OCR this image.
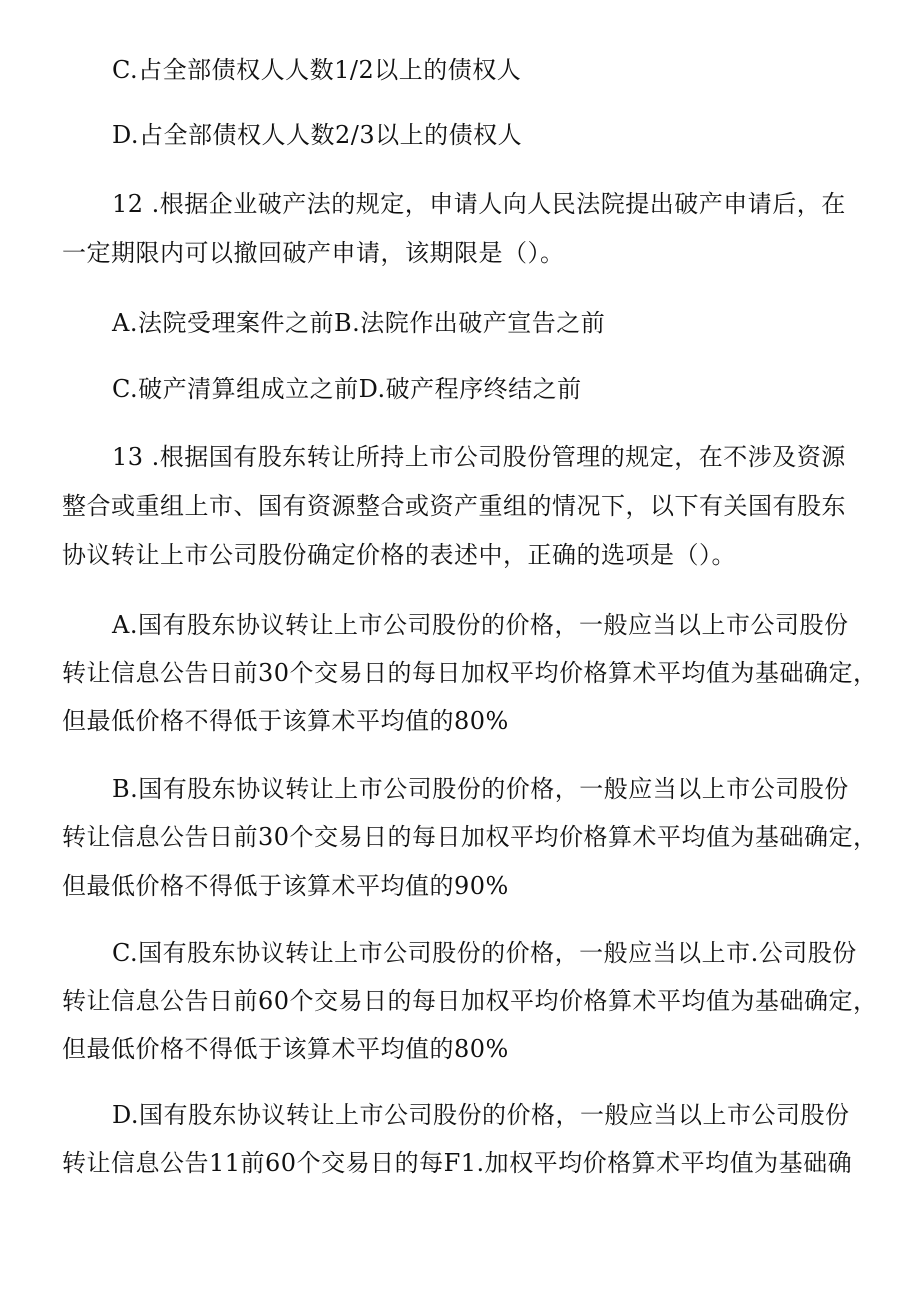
C.占全部债权人人数1/2以上的债权人
D.占全部债权人人数2/3以上的债权人
12 .根据企业破产法的规定，申请人向人民法院提出破产申请后，在
一定期限内可以撤回破产申请，该期限是（）。
A.法院受理案件之前B.法院作出破产宣告之前
C.破产清算组成立之前D.破产程序终结之前
13 .根据国有股东转让所持上市公司股份管理的规定，在不涉及资源
整合或重组上市、国有资源整合或资产重组的情况下，以下有关国有股东
协议转让上市公司股份确定价格的表述中，正确的选项是（）。
A.国有股东协议转让上市公司股份的价格，一般应当以上市公司股份
转让信息公告日前30个交易日的每日加权平均价格算术平均值为基础确定，
但最低价格不得低于该算术平均值的80%
B.国有股东协议转让上市公司股份的价格，一般应当以上市公司股份
转让信息公告日前30个交易日的每日加权平均价格算术平均值为基础确定，
但最低价格不得低于该算术平均值的90%
C.国有股东协议转让上市公司股份的价格，一般应当以上市.公司股份
转让信息公告日前60个交易日的每日加权平均价格算术平均值为基础确定，
但最低价格不得低于该算术平均值的80%
D.国有股东协议转让上市公司股份的价格，一般应当以上市公司股份
转让信息公告11前60个交易日的每F1.加权平均价格算术平均值为基础确
